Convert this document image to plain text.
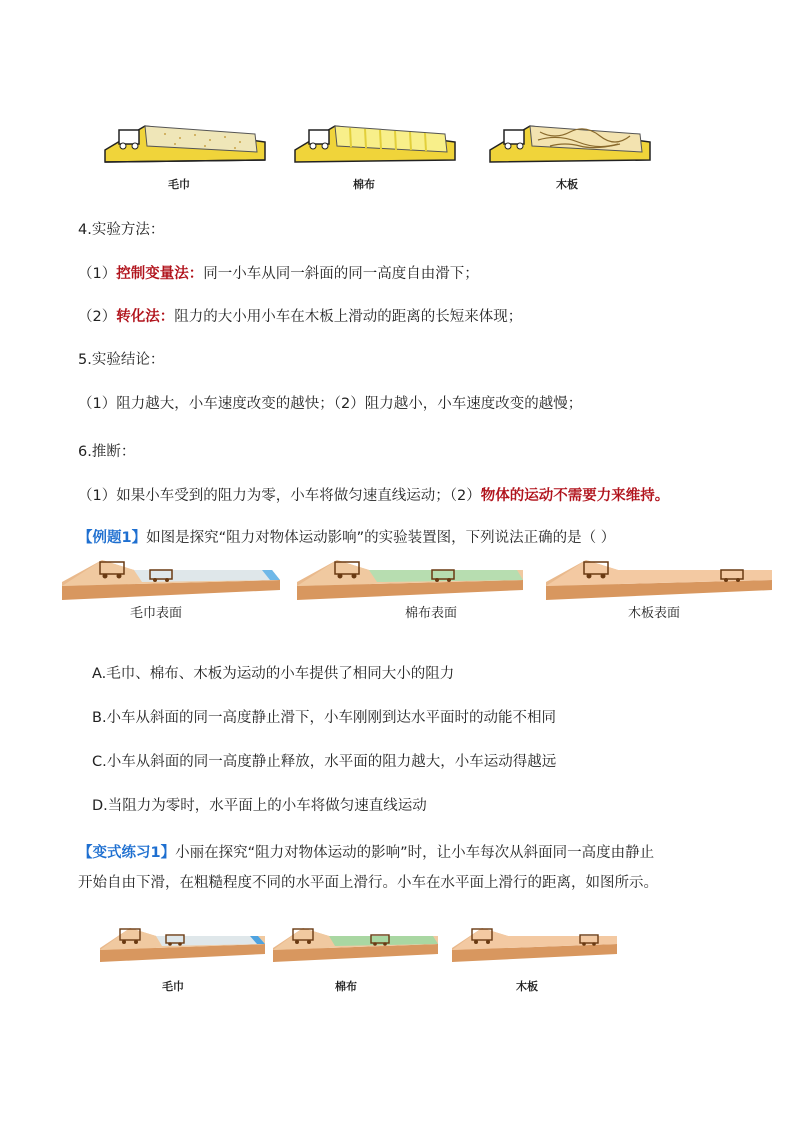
毛巾	棉布	木板
4.实验方法：
（1）控制变量法：同一小车从同一斜面的同一高度自由滑下；
（2）转化法：阻力的大小用小车在木板上滑动的距离的长短来体现；
5.实验结论：
（1）阻力越大，小车速度改变的越快；（2）阻力越小，小车速度改变的越慢；
6.推断：
（1）如果小车受到的阻力为零，小车将做匀速直线运动；（2）物体的运动不需要力来维持。
【例题1】如图是探究“阻力对物体运动影响”的实验装置图，下列说法正确的是（ ）
毛巾表面	棉布表面	木板表面
A.毛巾、棉布、木板为运动的小车提供了相同大小的阻力
B.小车从斜面的同一高度静止滑下，小车刚刚到达水平面时的动能不相同
C.小车从斜面的同一高度静止释放，水平面的阻力越大，小车运动得越远
D.当阻力为零时，水平面上的小车将做匀速直线运动
【变式练习1】小丽在探究“阻力对物体运动的影响”时，让小车每次从斜面同一高度由静止
开始自由下滑，在粗糙程度不同的水平面上滑行。小车在水平面上滑行的距离，如图所示。
毛巾	棉布	木板
